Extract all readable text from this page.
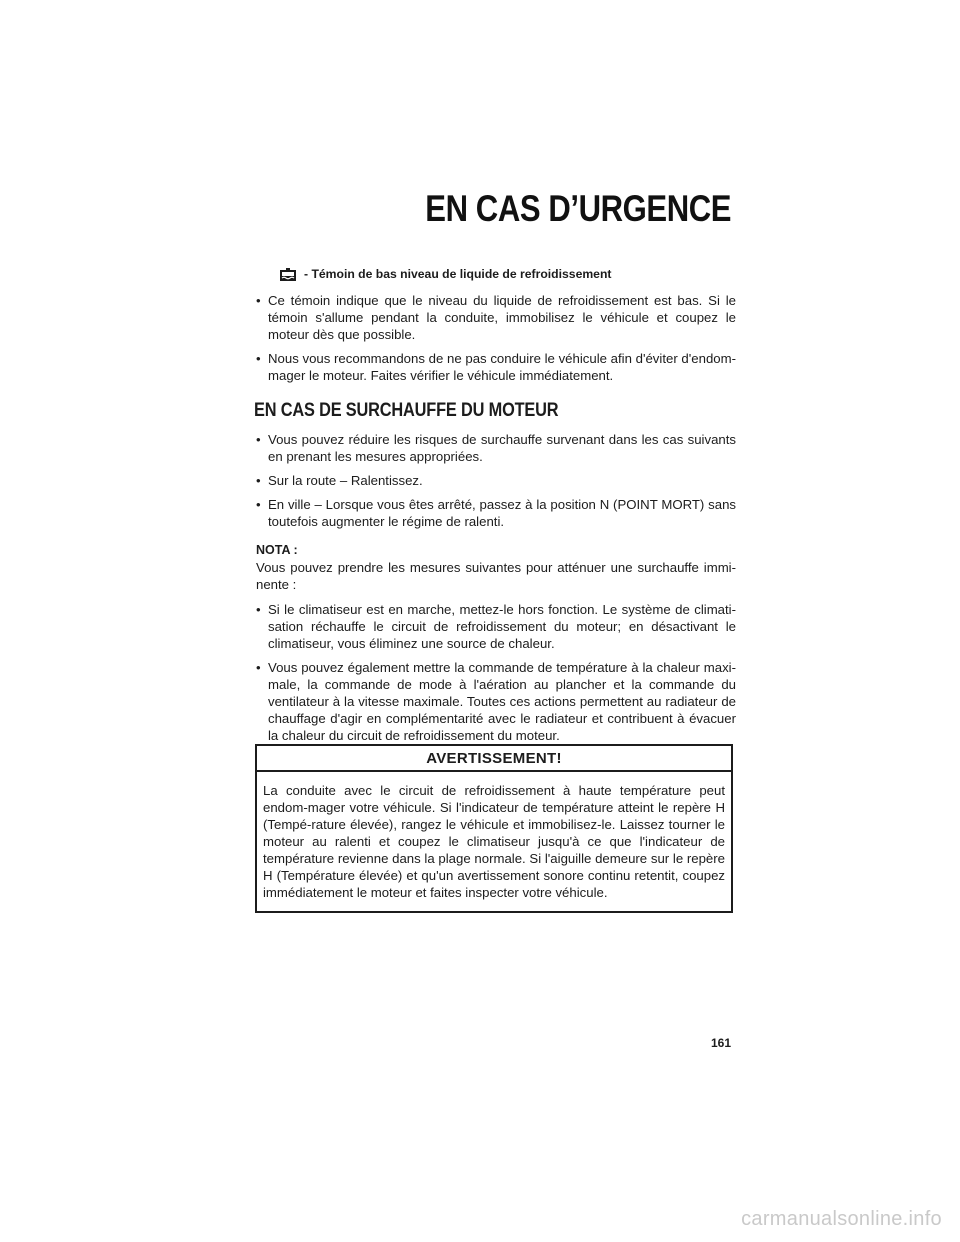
EN CAS D’URGENCE
- Témoin de bas niveau de liquide de refroidissement
• Ce témoin indique que le niveau du liquide de refroidissement est bas. Si le témoin s'allume pendant la conduite, immobilisez le véhicule et coupez le moteur dès que possible.
• Nous vous recommandons de ne pas conduire le véhicule afin d'éviter d'endom-mager le moteur. Faites vérifier le véhicule immédiatement.
EN CAS DE SURCHAUFFE DU MOTEUR
• Vous pouvez réduire les risques de surchauffe survenant dans les cas suivants en prenant les mesures appropriées.
• Sur la route – Ralentissez.
• En ville – Lorsque vous êtes arrêté, passez à la position N (POINT MORT) sans toutefois augmenter le régime de ralenti.
NOTA :
Vous pouvez prendre les mesures suivantes pour atténuer une surchauffe immi-nente :
• Si le climatiseur est en marche, mettez-le hors fonction. Le système de climati-sation réchauffe le circuit de refroidissement du moteur; en désactivant le climatiseur, vous éliminez une source de chaleur.
• Vous pouvez également mettre la commande de température à la chaleur maxi-male, la commande de mode à l'aération au plancher et la commande du ventilateur à la vitesse maximale. Toutes ces actions permettent au radiateur de chauffage d'agir en complémentarité avec le radiateur et contribuent à évacuer la chaleur du circuit de refroidissement du moteur.
AVERTISSEMENT!
La conduite avec le circuit de refroidissement à haute température peut endom-mager votre véhicule. Si l'indicateur de température atteint le repère H (Tempé-rature élevée), rangez le véhicule et immobilisez-le. Laissez tourner le moteur au ralenti et coupez le climatiseur jusqu'à ce que l'indicateur de température revienne dans la plage normale. Si l'aiguille demeure sur le repère H (Température élevée) et qu'un avertissement sonore continu retentit, coupez immédiatement le moteur et faites inspecter votre véhicule.
161
carmanualsonline.info
